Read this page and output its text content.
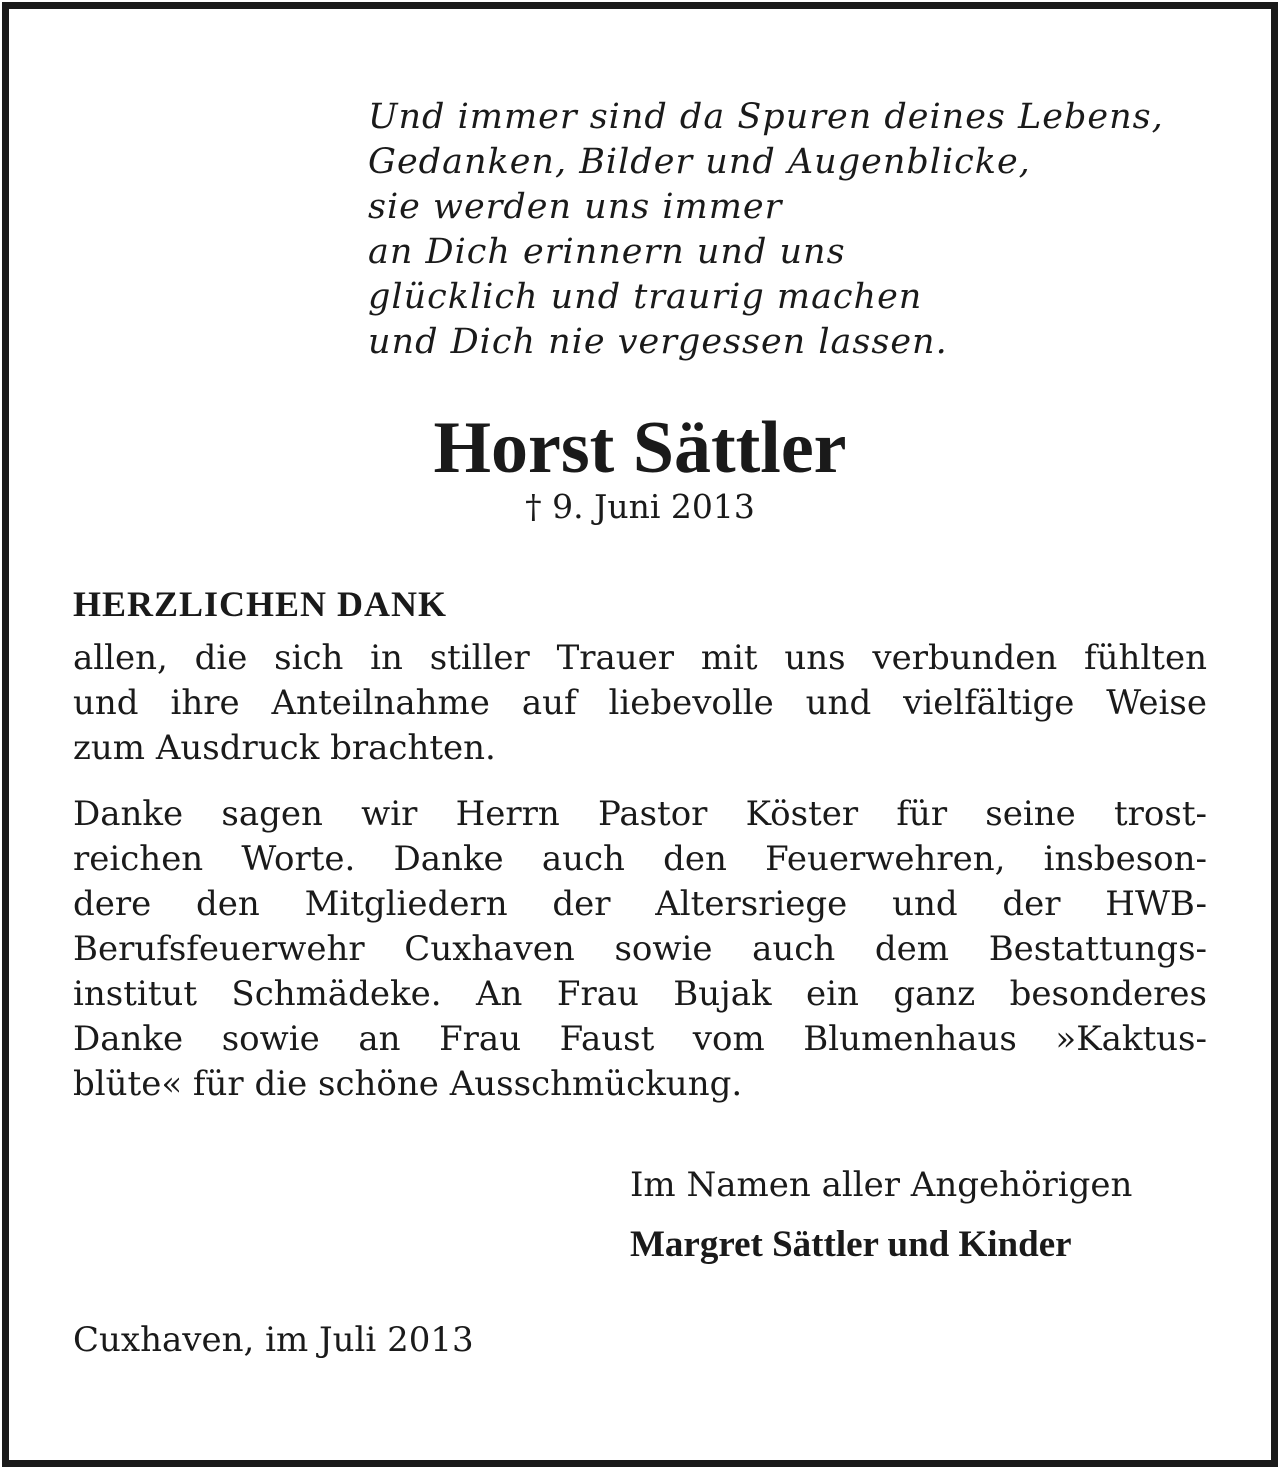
Und immer sind da Spuren deines Lebens,
Gedanken, Bilder und Augenblicke,
sie werden uns immer
an Dich erinnern und uns
glücklich und traurig machen
und Dich nie vergessen lassen.
Horst Sättler
† 9. Juni 2013
HERZLICHEN DANK
allen, die sich in stiller Trauer mit uns verbunden fühlten
und ihre Anteilnahme auf liebevolle und vielfältige Weise
zum Ausdruck brachten.
Danke sagen wir Herrn Pastor Köster für seine trost-
reichen Worte. Danke auch den Feuerwehren, insbeson-
dere den Mitgliedern der Altersriege und der HWB-
Berufsfeuerwehr Cuxhaven sowie auch dem Bestattungs-
institut Schmädeke. An Frau Bujak ein ganz besonderes
Danke sowie an Frau Faust vom Blumenhaus »Kaktus-
blüte« für die schöne Ausschmückung.
Im Namen aller Angehörigen
Margret Sättler und Kinder
Cuxhaven, im Juli 2013
